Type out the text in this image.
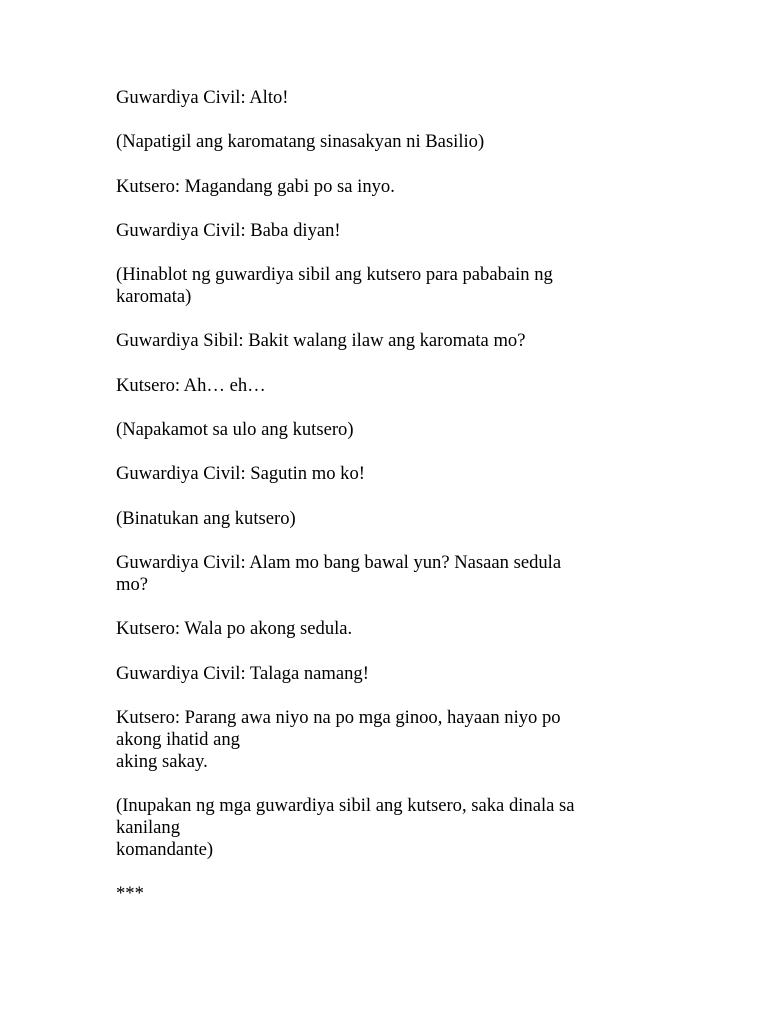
Guwardiya Civil: Alto!

(Napatigil ang karomatang sinasakyan ni Basilio)

Kutsero: Magandang gabi po sa inyo.

Guwardiya Civil: Baba diyan!

(Hinablot ng guwardiya sibil ang kutsero para pababain ng
karomata)

Guwardiya Sibil: Bakit walang ilaw ang karomata mo?

Kutsero: Ah… eh…

(Napakamot sa ulo ang kutsero)

Guwardiya Civil: Sagutin mo ko!

(Binatukan ang kutsero)

Guwardiya Civil: Alam mo bang bawal yun? Nasaan sedula
mo?

Kutsero: Wala po akong sedula.

Guwardiya Civil: Talaga namang!

Kutsero: Parang awa niyo na po mga ginoo, hayaan niyo po
akong ihatid ang
aking sakay.

(Inupakan ng mga guwardiya sibil ang kutsero, saka dinala sa
kanilang
komandante)

***
